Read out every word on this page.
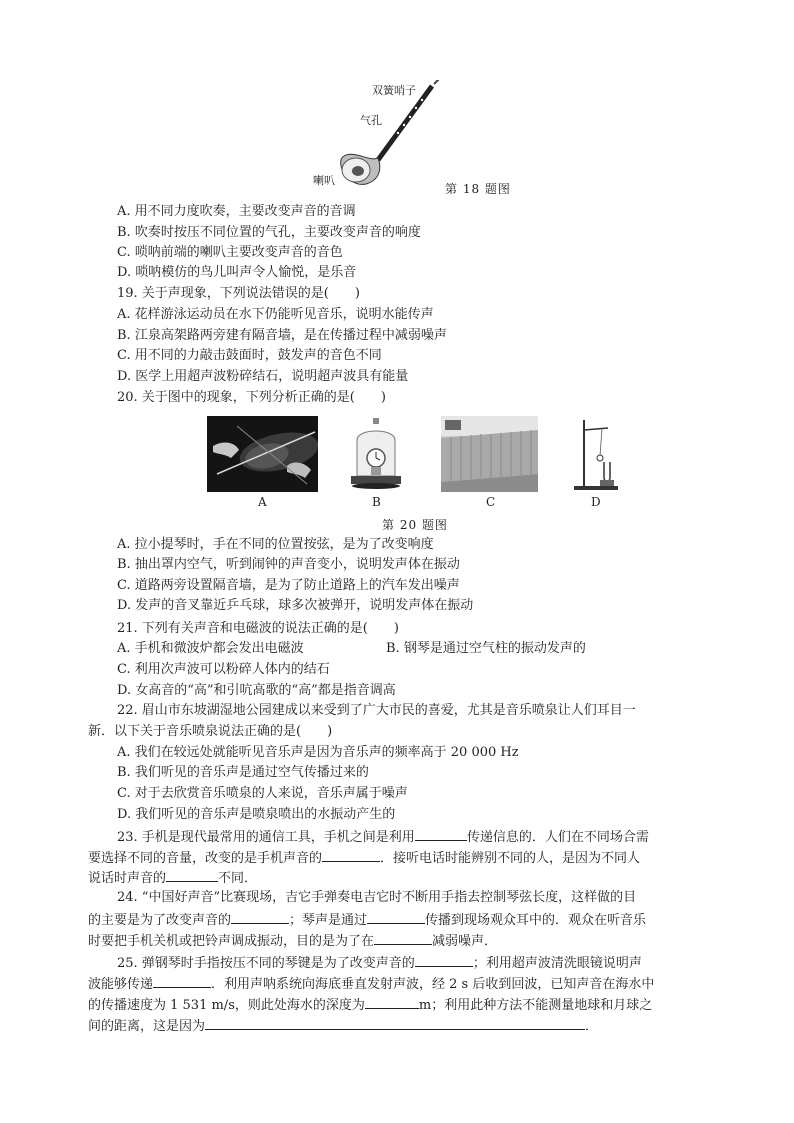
双簧哨子
气孔
喇叭
第 18 题图
A. 用不同力度吹奏，主要改变声音的音调
B. 吹奏时按压不同位置的气孔，主要改变声音的响度
C. 唢呐前端的喇叭主要改变声音的音色
D. 唢呐模仿的鸟儿叫声令人愉悦，是乐音
19. 关于声现象，下列说法错误的是(　　)
A. 花样游泳运动员在水下仍能听见音乐，说明水能传声
B. 江泉高架路两旁建有隔音墙，是在传播过程中减弱噪声
C. 用不同的力敲击鼓面时，鼓发声的音色不同
D. 医学上用超声波粉碎结石，说明超声波具有能量
20. 关于图中的现象，下列分析正确的是(　　)
A	B	C	D
第 20 题图
A. 拉小提琴时，手在不同的位置按弦，是为了改变响度
B. 抽出罩内空气，听到闹钟的声音变小，说明发声体在振动
C. 道路两旁设置隔音墙，是为了防止道路上的汽车发出噪声
D. 发声的音叉靠近乒乓球，球多次被弹开，说明发声体在振动
21. 下列有关声音和电磁波的说法正确的是(　　)
A. 手机和微波炉都会发出电磁波	B. 钢琴是通过空气柱的振动发声的
C. 利用次声波可以粉碎人体内的结石
D. 女高音的“高”和引吭高歌的“高”都是指音调高
22. 眉山市东坡湖湿地公园建成以来受到了广大市民的喜爱，尤其是音乐喷泉让人们耳目一
新．以下关于音乐喷泉说法正确的是(　　)
A. 我们在较远处就能听见音乐声是因为音乐声的频率高于 20 000 Hz
B. 我们听见的音乐声是通过空气传播过来的
C. 对于去欣赏音乐喷泉的人来说，音乐声属于噪声
D. 我们听见的音乐声是喷泉喷出的水振动产生的
23. 手机是现代最常用的通信工具，手机之间是利用	传递信息的．人们在不同场合需
要选择不同的音量，改变的是手机声音的	．接听电话时能辨别不同的人，是因为不同人
说话时声音的	不同．
24. “中国好声音”比赛现场，吉它手弹奏电吉它时不断用手指去控制琴弦长度，这样做的目
的主要是为了改变声音的	；琴声是通过	传播到现场观众耳中的．观众在听音乐
时要把手机关机或把铃声调成振动，目的是为了在	减弱噪声．
25. 弹钢琴时手指按压不同的琴键是为了改变声音的	；利用超声波清洗眼镜说明声
波能够传递	．利用声呐系统向海底垂直发射声波，经 2 s 后收到回波，已知声音在海水中
的传播速度为 1 531 m/s，则此处海水的深度为	m；利用此种方法不能测量地球和月球之
间的距离，这是因为	．
